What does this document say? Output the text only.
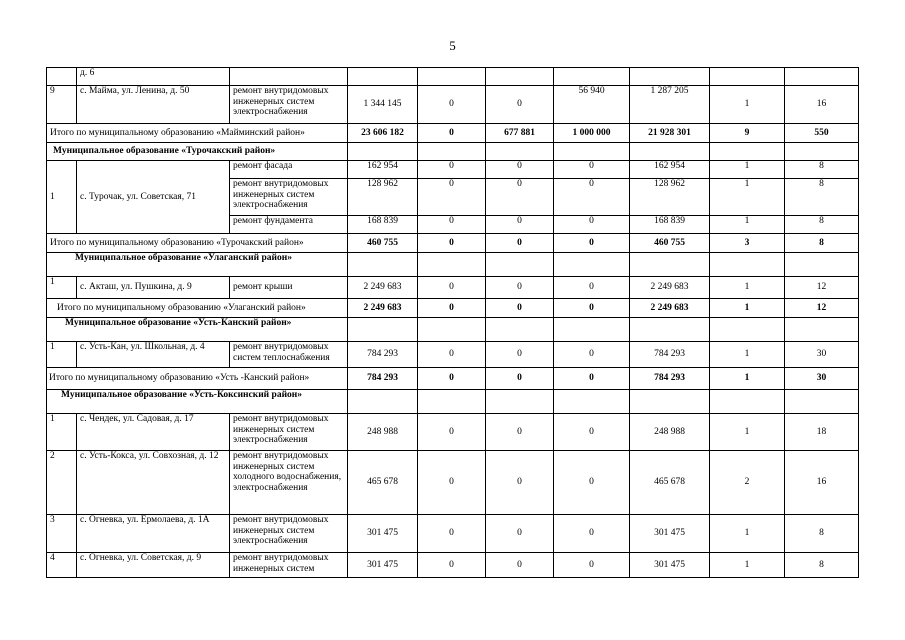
5
	д. 6								
9	с. Майма, ул. Ленина, д. 50	ремонт внутридомовых инженерных систем электроснабжения	1 344 145	0	0	56 940	1 287 205	1	16
Итого по муниципальному образованию «Майминский район»			23 606 182	0	677 881	1 000 000	21 928 301	9	550
Муниципальное образование «Турочакский район»									
1	с. Турочак, ул. Советская, 71	ремонт фасада	162 954	0	0	0	162 954	1	8
		ремонт внутридомовых инженерных систем электроснабжения	128 962	0	0	0	128 962	1	8
		ремонт фундамента	168 839	0	0	0	168 839	1	8
Итого по муниципальному образованию «Турочакский район»			460 755	0	0	0	460 755	3	8
Муниципальное образование «Улаганский район»									
1	с. Акташ, ул. Пушкина, д. 9	ремонт крыши	2 249 683	0	0	0	2 249 683	1	12
Итого по муниципальному образованию «Улаганский район»			2 249 683	0	0	0	2 249 683	1	12
Муниципальное образование «Усть-Канский район»									
1	с. Усть-Кан, ул. Школьная, д. 4	ремонт внутридомовых систем теплоснабжения	784 293	0	0	0	784 293	1	30
Итого по муниципальному образованию «Усть -Канский район»			784 293	0	0	0	784 293	1	30
Муниципальное образование «Усть-Коксинский район»									
1	с. Чендек, ул. Садовая, д. 17	ремонт внутридомовых инженерных систем электроснабжения	248 988	0	0	0	248 988	1	18
2	с. Усть-Кокса, ул. Совхозная, д. 12	ремонт внутридомовых инженерных систем холодного водоснабжения, электроснабжения	465 678	0	0	0	465 678	2	16
3	с. Огневка, ул. Ермолаева, д. 1А	ремонт внутридомовых инженерных систем электроснабжения	301 475	0	0	0	301 475	1	8
4	с. Огневка, ул. Советская, д. 9	ремонт внутридомовых инженерных систем	301 475	0	0	0	301 475	1	8
